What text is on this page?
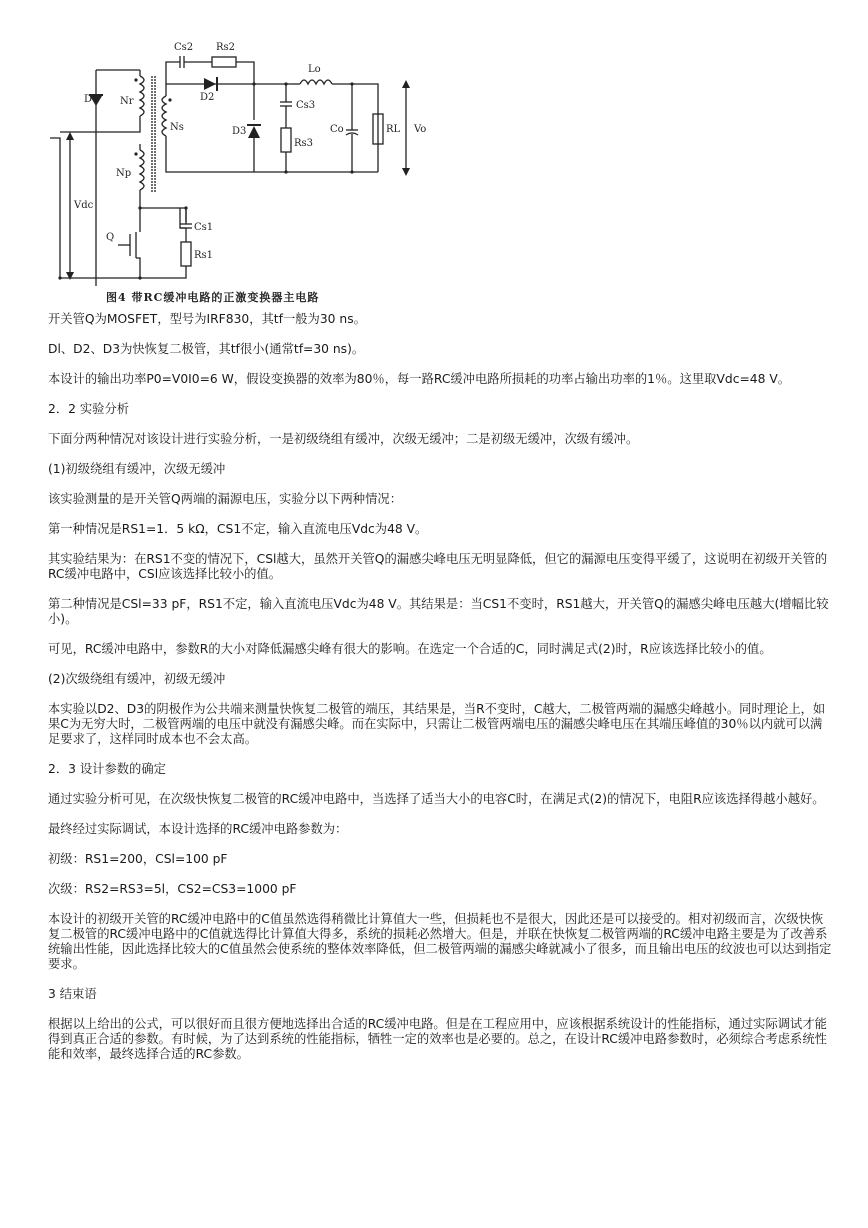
Cs2 Rs2
D	Nr	D2
Lo
Cs3
Ns	D3	Co	RL Vo
Rs3
Np
Vdc
Cs1
Q
Rs1
图4 带RC缓冲电路的正激变换器主电路

开关管Q为MOSFET，型号为IRF830，其tf一般为30 ns。

Dl、D2、D3为快恢复二极管，其tf很小(通常tf=30 ns)。

本设计的输出功率P0=V0I0=6 W，假设变换器的效率为80％，每一路RC缓冲电路所损耗的功率占输出功率的1％。这里取Vdc=48 V。

2．2 实验分析

下面分两种情况对该设计进行实验分析，一是初级绕组有缓冲，次级无缓冲；二是初级无缓冲，次级有缓冲。

(1)初级绕组有缓冲，次级无缓冲

该实验测量的是开关管Q两端的漏源电压，实验分以下两种情况：

第一种情况是RS1=1．5 kΩ，CS1不定，输入直流电压Vdc为48 V。

其实验结果为：在RS1不变的情况下，CSl越大，虽然开关管Q的漏感尖峰电压无明显降低，但它的漏源电压变得平缓了，这说明在初级开关管的RC缓冲电路中，CSl应该选择比较小的值。

第二种情况是CSl=33 pF，RS1不定，输入直流电压Vdc为48 V。其结果是：当CS1不变时，RS1越大，开关管Q的漏感尖峰电压越大(增幅比较小)。

可见，RC缓冲电路中，参数R的大小对降低漏感尖峰有很大的影响。在选定一个合适的C，同时满足式(2)时，R应该选择比较小的值。

(2)次级绕组有缓冲，初级无缓冲

本实验以D2、D3的阴极作为公共端来测量快恢复二极管的端压，其结果是，当R不变时，C越大，二极管两端的漏感尖峰越小。同时理论上，如果C为无穷大时，二极管两端的电压中就没有漏感尖峰。而在实际中，只需让二极管两端电压的漏感尖峰电压在其端压峰值的30％以内就可以满足要求了，这样同时成本也不会太高。

2．3 设计参数的确定

通过实验分析可见，在次级快恢复二极管的RC缓冲电路中，当选择了适当大小的电容C时，在满足式(2)的情况下，电阻R应该选择得越小越好。

最终经过实际调试，本设计选择的RC缓冲电路参数为：

初级：RS1=200，CSl=100 pF

次级：RS2=RS3=5l，CS2=CS3=1000 pF

本设计的初级开关管的RC缓冲电路中的C值虽然选得稍微比计算值大一些，但损耗也不是很大，因此还是可以接受的。相对初级而言，次级快恢复二极管的RC缓冲电路中的C值就选得比计算值大得多，系统的损耗必然增大。但是，并联在快恢复二极管两端的RC缓冲电路主要是为了改善系统输出性能，因此选择比较大的C值虽然会使系统的整体效率降低，但二极管两端的漏感尖峰就减小了很多，而且输出电压的纹波也可以达到指定要求。

3 结束语

根据以上给出的公式，可以很好而且很方便地选择出合适的RC缓冲电路。但是在工程应用中，应该根据系统设计的性能指标，通过实际调试才能得到真正合适的参数。有时候，为了达到系统的性能指标，牺牲一定的效率也是必要的。总之，在设计RC缓冲电路参数时，必须综合考虑系统性能和效率，最终选择合适的RC参数。
